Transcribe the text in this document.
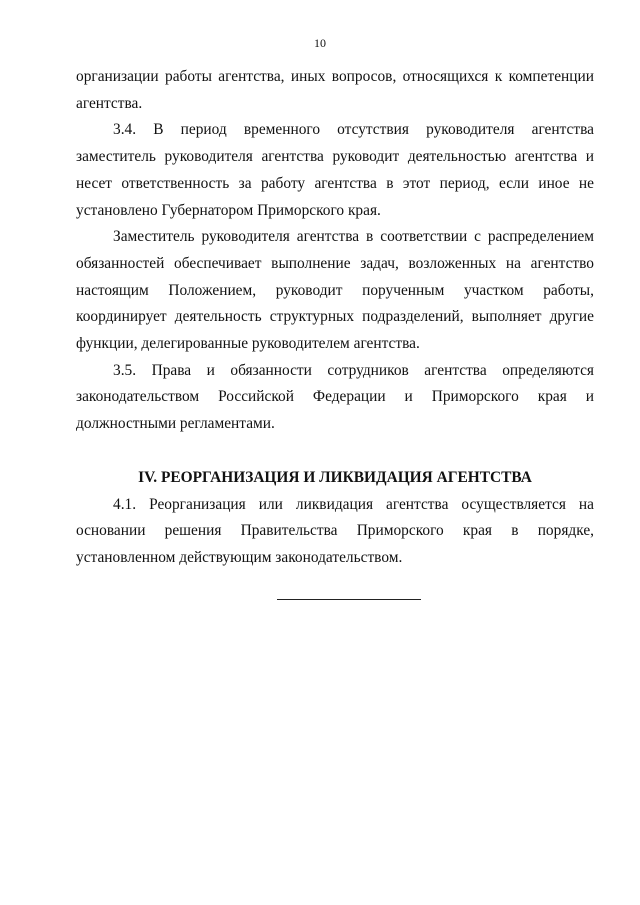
10

организации работы агентства, иных вопросов, относящихся к компетенции агентства.

3.4. В период временного отсутствия руководителя агентства заместитель руководителя агентства руководит деятельностью агентства и несет ответственность за работу агентства в этот период, если иное не установлено Губернатором Приморского края.

Заместитель руководителя агентства в соответствии с распределением обязанностей обеспечивает выполнение задач, возложенных на агентство настоящим Положением, руководит порученным участком работы, координирует деятельность структурных подразделений, выполняет другие функции, делегированные руководителем агентства.

3.5. Права и обязанности сотрудников агентства определяются законодательством Российской Федерации и Приморского края и должностными регламентами.

IV. РЕОРГАНИЗАЦИЯ И ЛИКВИДАЦИЯ АГЕНТСТВА

4.1. Реорганизация или ликвидация агентства осуществляется на основании решения Правительства Приморского края в порядке, установленном действующим законодательством.
